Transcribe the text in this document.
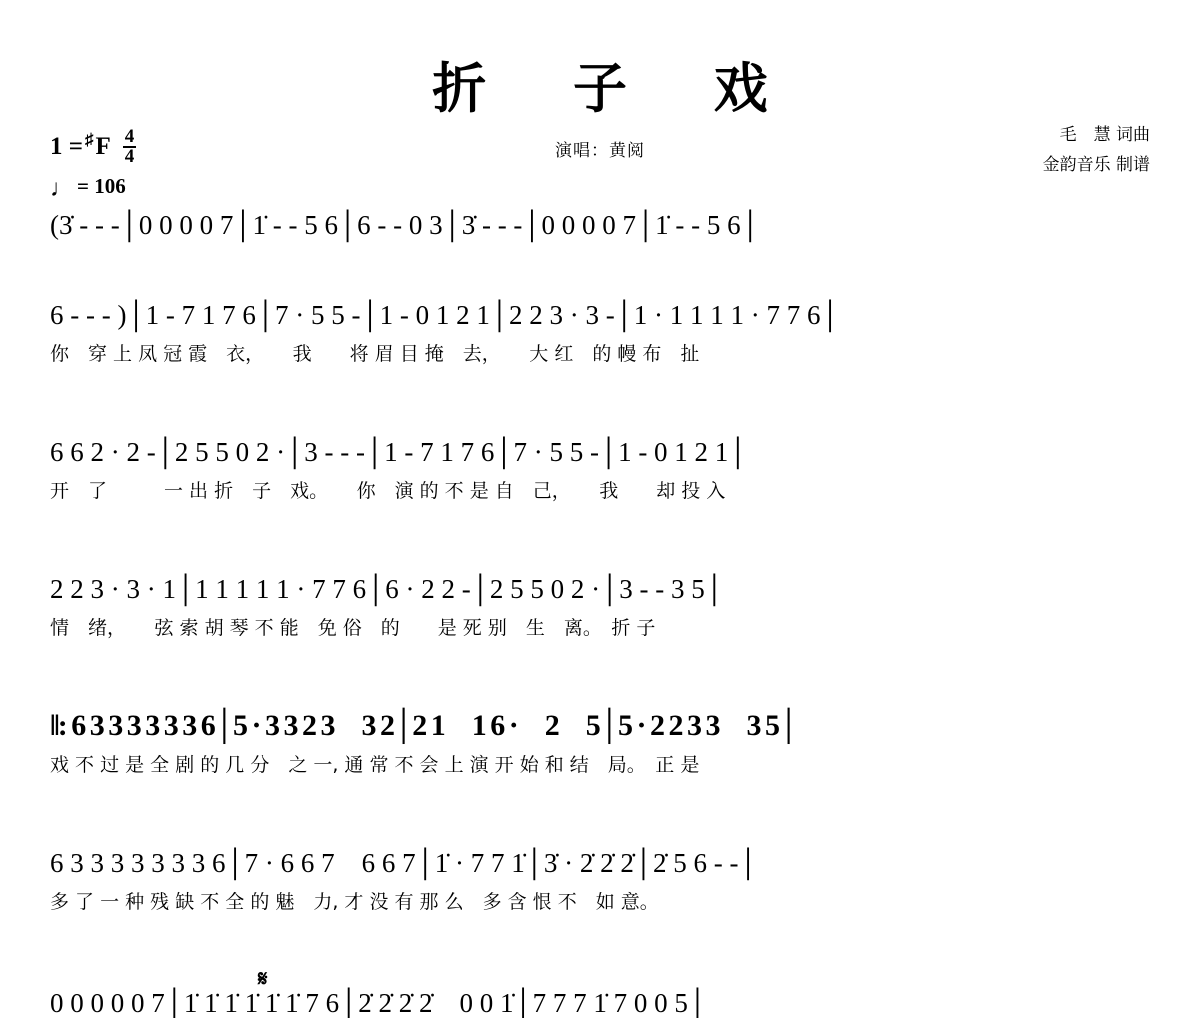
折 子 戏
演唱：黄阅
毛　慧 词曲
金韵音乐 制谱
1 = ♯ F $\frac{4}{4}$
♩ = 106
(3̇ - - -│0 0 0 0 7│1̇ - - 5 6│6 - - 0 3│3̇ - - -│0 0 0 0 7│1̇ - - 5 6│
6 - - - )│1 - 7 1 7 6│7 · 5 5 -│1 - 0 1 2 1│2 2 3 · 3 -│1 · 1 1 1 1 · 7 7 6│
你　穿 上 凤 冠 霞　衣，　　我　　将 眉 目 掩　去，　　大 红　的 幔 布　扯
6 6 2 · 2 -│2 5 5 0 2 ·│3 - - -│1 - 7 1 7 6│7 · 5 5 -│1 - 0 1 2 1│
开　了　　　一 出 折　子　戏。　　你　演 的 不 是 自　己，　　我　　却 投 入
2 2 3 · 3 · 1│1 1 1 1 1 · 7 7 6│6 · 2 2 -│2 5 5 0 2 ·│3 - - 3 5│
情　绪，　　弦 索 胡 琴 不 能　免 俗　的　　是 死 别　生　离。　折 子
‖: 6 3 3 3 3 3 3 6│5 · 3 3 2 3　3 2│2 1　1 6 ·　2　5│5 · 2 2 3 3　3 5│
戏 不 过 是 全 剧 的 几 分　之 一, 通 常 不 会 上 演 开 始 和 结　局。　正 是
6 3 3 3 3 3 3 3 6│7 · 6 6 7　6 6 7│1̇ · 7 7 1̇│3̇ · 2̇ 2̇ 2̇│2̇ 5 6 - -│
多 了 一 种 残 缺 不 全 的 魅　力, 才 没 有 那 么　多 含 恨 不　如 意。
𝄋
0 0 0 0 0 7│1̇ 1̇ 1̇ 1̇ 1̇ 1̇ 7 6│2̇ 2̇ 2̇ 2̇　0 0 1̇│7 7 7 1̇ 7 0 0 5│
